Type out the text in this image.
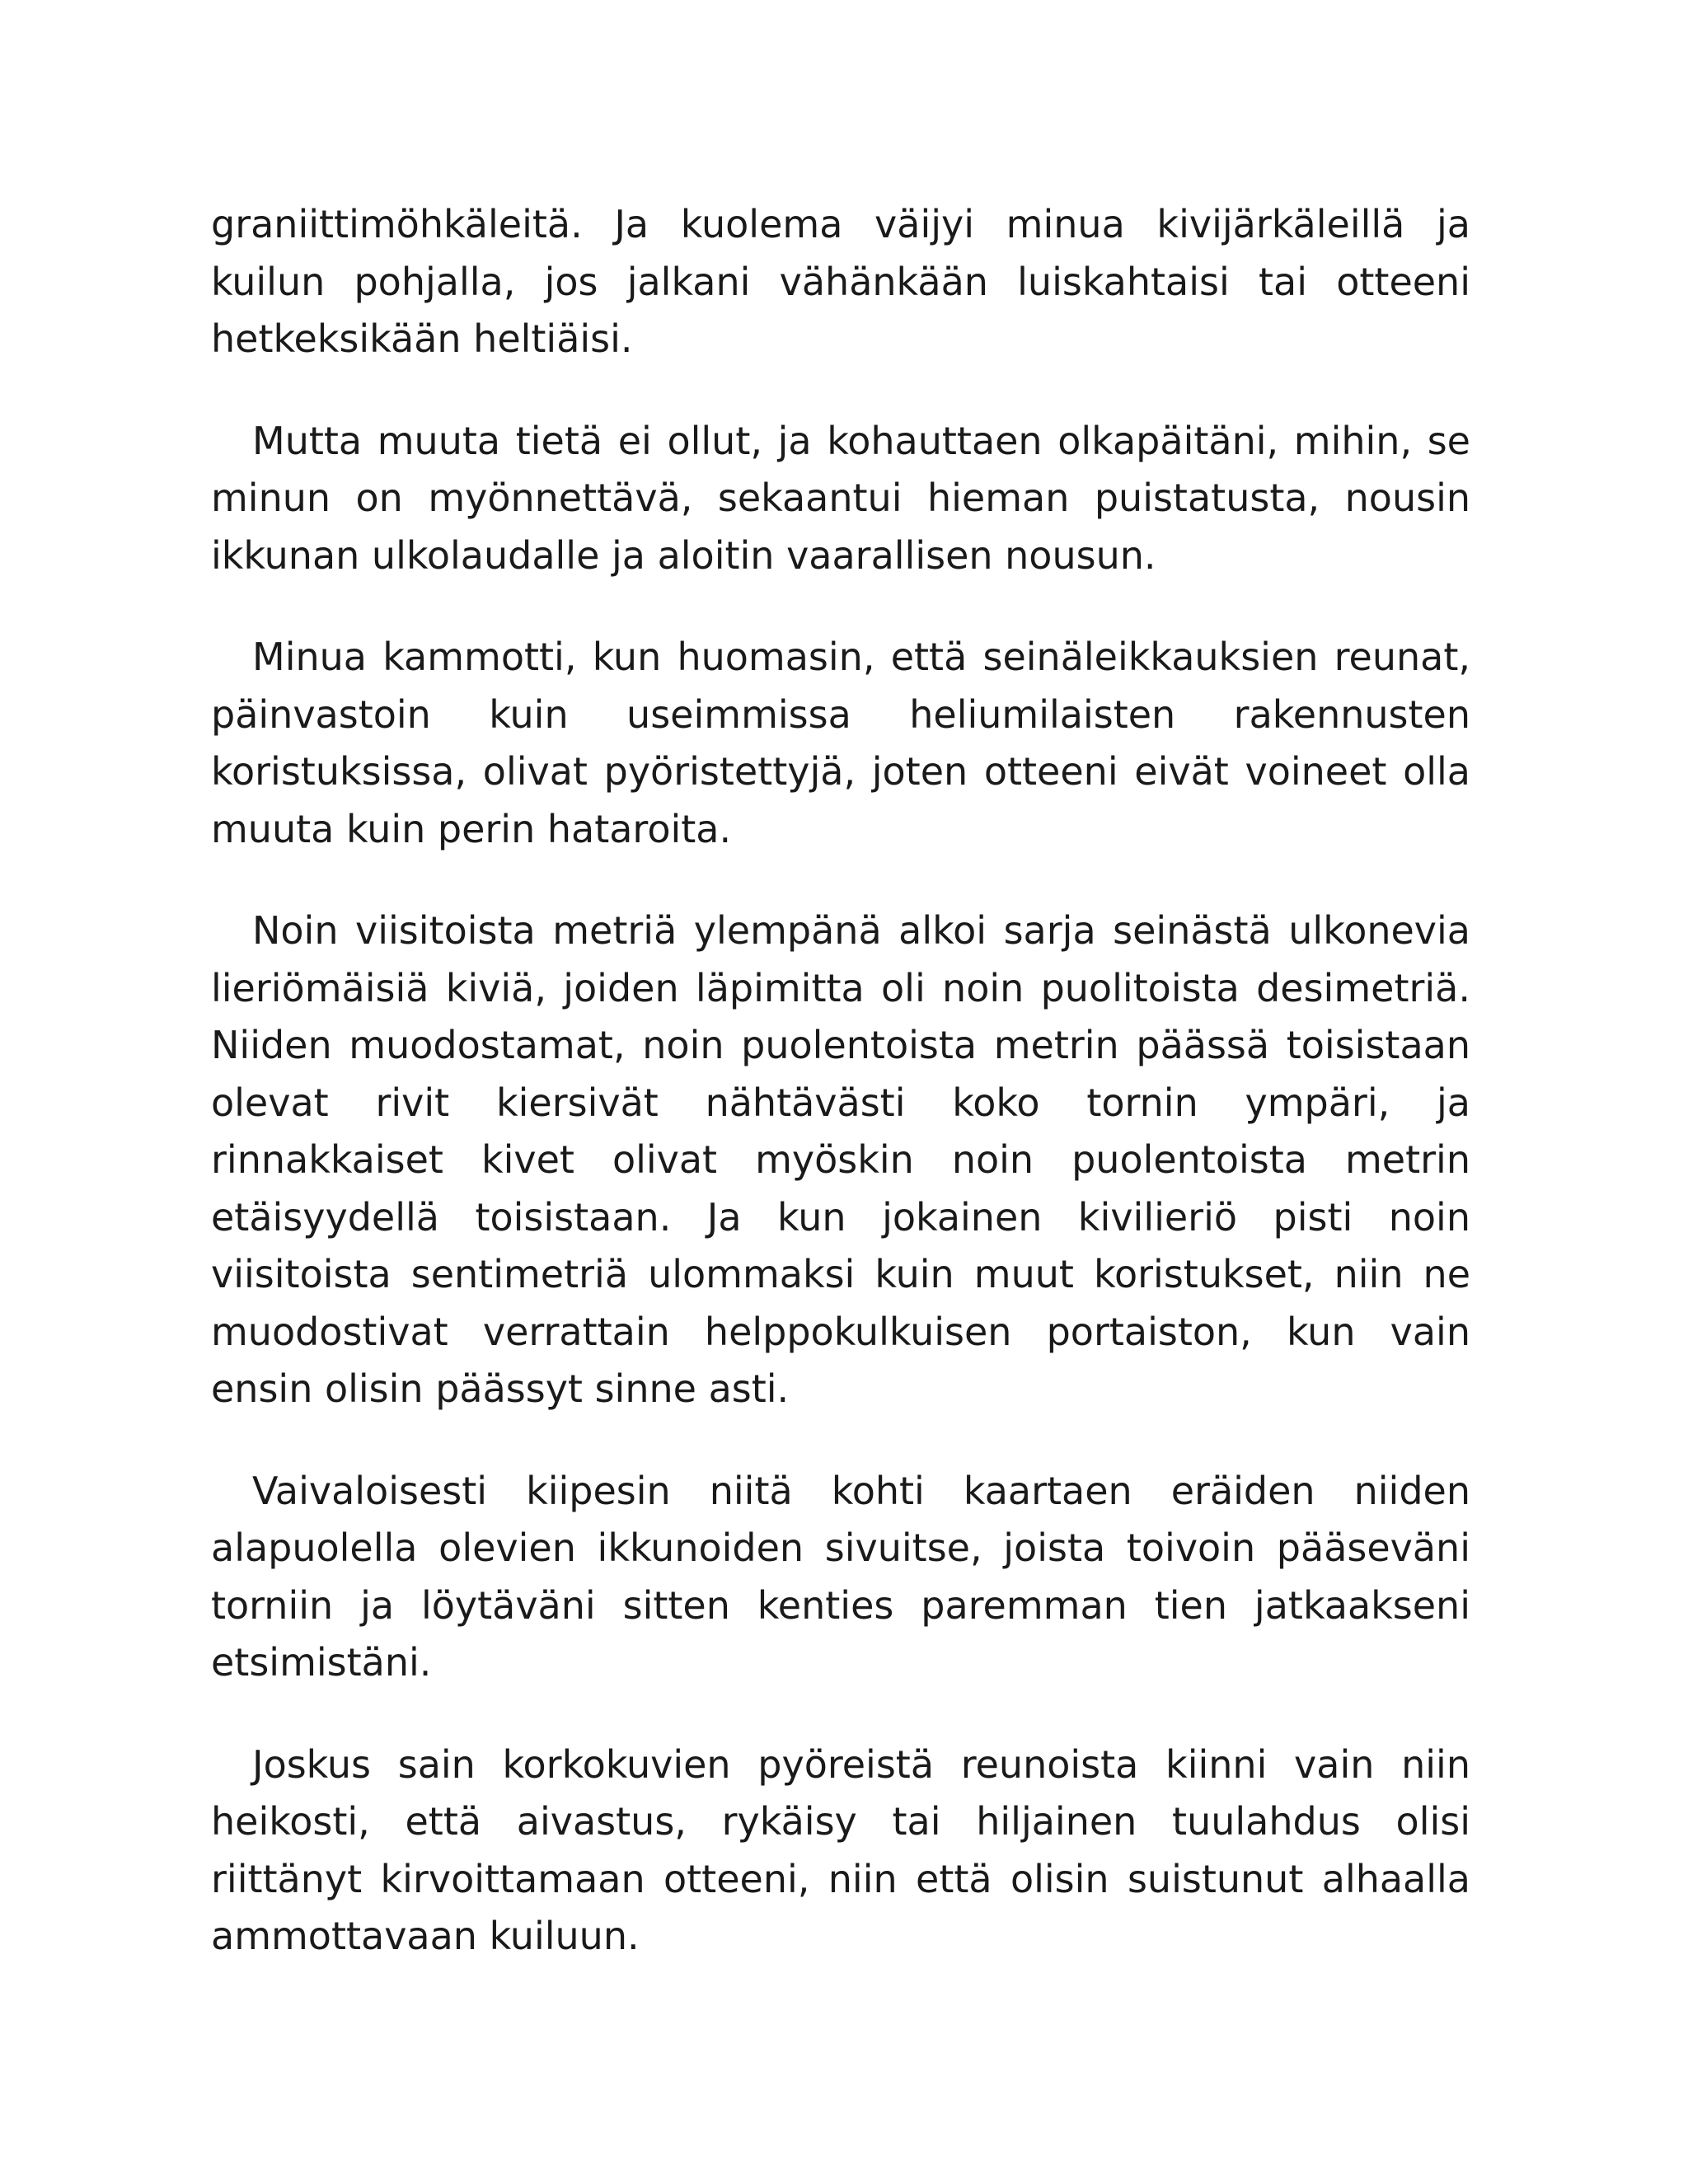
graniittimöhkäleitä. Ja kuolema väijyi minua kivijärkäleillä ja kuilun pohjalla, jos jalkani vähänkään luiskahtaisi tai otteeni hetkeksikään heltiäisi.

Mutta muuta tietä ei ollut, ja kohauttaen olkapäitäni, mihin, se minun on myönnettävä, sekaantui hieman puistatusta, nousin ikkunan ulkolaudalle ja aloitin vaarallisen nousun.

Minua kammotti, kun huomasin, että seinäleikkauksien reunat, päinvastoin kuin useimmissa heliumilaisten rakennusten koristuksissa, olivat pyöristettyjä, joten otteeni eivät voineet olla muuta kuin perin hataroita.

Noin viisitoista metriä ylempänä alkoi sarja seinästä ulkonevia lieriömäisiä kiviä, joiden läpimitta oli noin puolitoista desimetriä. Niiden muodostamat, noin puolentoista metrin päässä toisistaan olevat rivit kiersivät nähtävästi koko tornin ympäri, ja rinnakkaiset kivet olivat myöskin noin puolentoista metrin etäisyydellä toisistaan. Ja kun jokainen kivilieriö pisti noin viisitoista sentimetriä ulommaksi kuin muut koristukset, niin ne muodostivat verrattain helppokulkuisen portaiston, kun vain ensin olisin päässyt sinne asti.

Vaivaloisesti kiipesin niitä kohti kaartaen eräiden niiden alapuolella olevien ikkunoiden sivuitse, joista toivoin pääseväni torniin ja löytäväni sitten kenties paremman tien jatkaakseni etsimistäni.

Joskus sain korkokuvien pyöreistä reunoista kiinni vain niin heikosti, että aivastus, rykäisy tai hiljainen tuulahdus olisi riittänyt kirvoittamaan otteeni, niin että olisin suistunut alhaalla ammottavaan kuiluun.
